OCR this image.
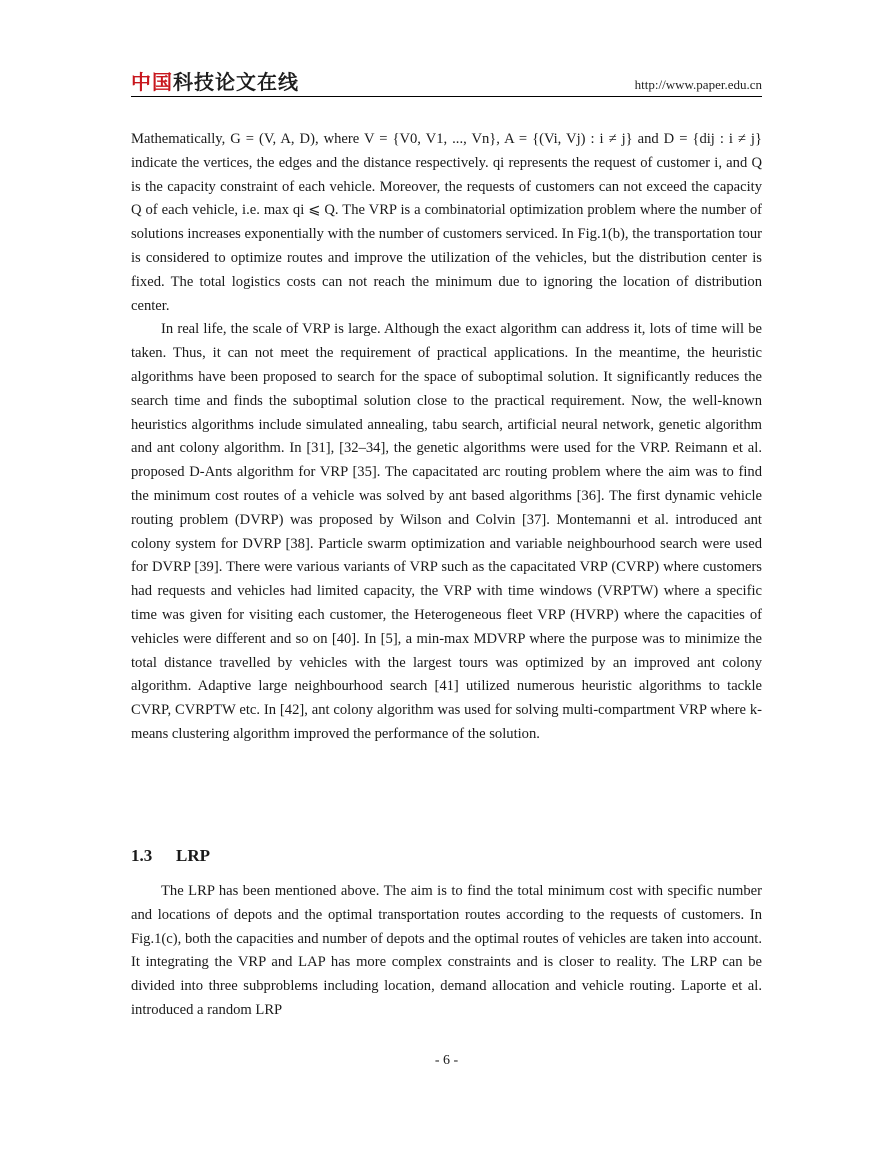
中国科技论文在线	http://www.paper.edu.cn

Mathematically, G = (V, A, D), where V = {V0, V1, ..., Vn}, A = {(Vi, Vj) : i ≠ j} and D = {dij : i ≠ j} indicate the vertices, the edges and the distance respectively. qi represents the request of customer i, and Q is the capacity constraint of each vehicle. Moreover, the requests of customers can not exceed the capacity Q of each vehicle, i.e. max qi ⩽ Q. The VRP is a combinatorial optimization problem where the number of solutions increases exponentially with the number of customers serviced. In Fig.1(b), the transportation tour is considered to optimize routes and improve the utilization of the vehicles, but the distribution center is fixed. The total logistics costs can not reach the minimum due to ignoring the location of distribution center.

In real life, the scale of VRP is large. Although the exact algorithm can address it, lots of time will be taken. Thus, it can not meet the requirement of practical applications. In the meantime, the heuristic algorithms have been proposed to search for the space of suboptimal solution. It significantly reduces the search time and finds the suboptimal solution close to the practical requirement. Now, the well-known heuristics algorithms include simulated annealing, tabu search, artificial neural network, genetic algorithm and ant colony algorithm. In [31], [32–34], the genetic algorithms were used for the VRP. Reimann et al. proposed D-Ants algorithm for VRP [35]. The capacitated arc routing problem where the aim was to find the minimum cost routes of a vehicle was solved by ant based algorithms [36]. The first dynamic vehicle routing problem (DVRP) was proposed by Wilson and Colvin [37]. Montemanni et al. introduced ant colony system for DVRP [38]. Particle swarm optimization and variable neighbourhood search were used for DVRP [39]. There were various variants of VRP such as the capacitated VRP (CVRP) where customers had requests and vehicles had limited capacity, the VRP with time windows (VRPTW) where a specific time was given for visiting each customer, the Heterogeneous fleet VRP (HVRP) where the capacities of vehicles were different and so on [40]. In [5], a min-max MDVRP where the purpose was to minimize the total distance travelled by vehicles with the largest tours was optimized by an improved ant colony algorithm. Adaptive large neighbourhood search [41] utilized numerous heuristic algorithms to tackle CVRP, CVRPTW etc. In [42], ant colony algorithm was used for solving multi-compartment VRP where k-means clustering algorithm improved the performance of the solution.

1.3 LRP

The LRP has been mentioned above. The aim is to find the total minimum cost with specific number and locations of depots and the optimal transportation routes according to the requests of customers. In Fig.1(c), both the capacities and number of depots and the optimal routes of vehicles are taken into account. It integrating the VRP and LAP has more complex constraints and is closer to reality. The LRP can be divided into three subproblems including location, demand allocation and vehicle routing. Laporte et al. introduced a random LRP

- 6 -
